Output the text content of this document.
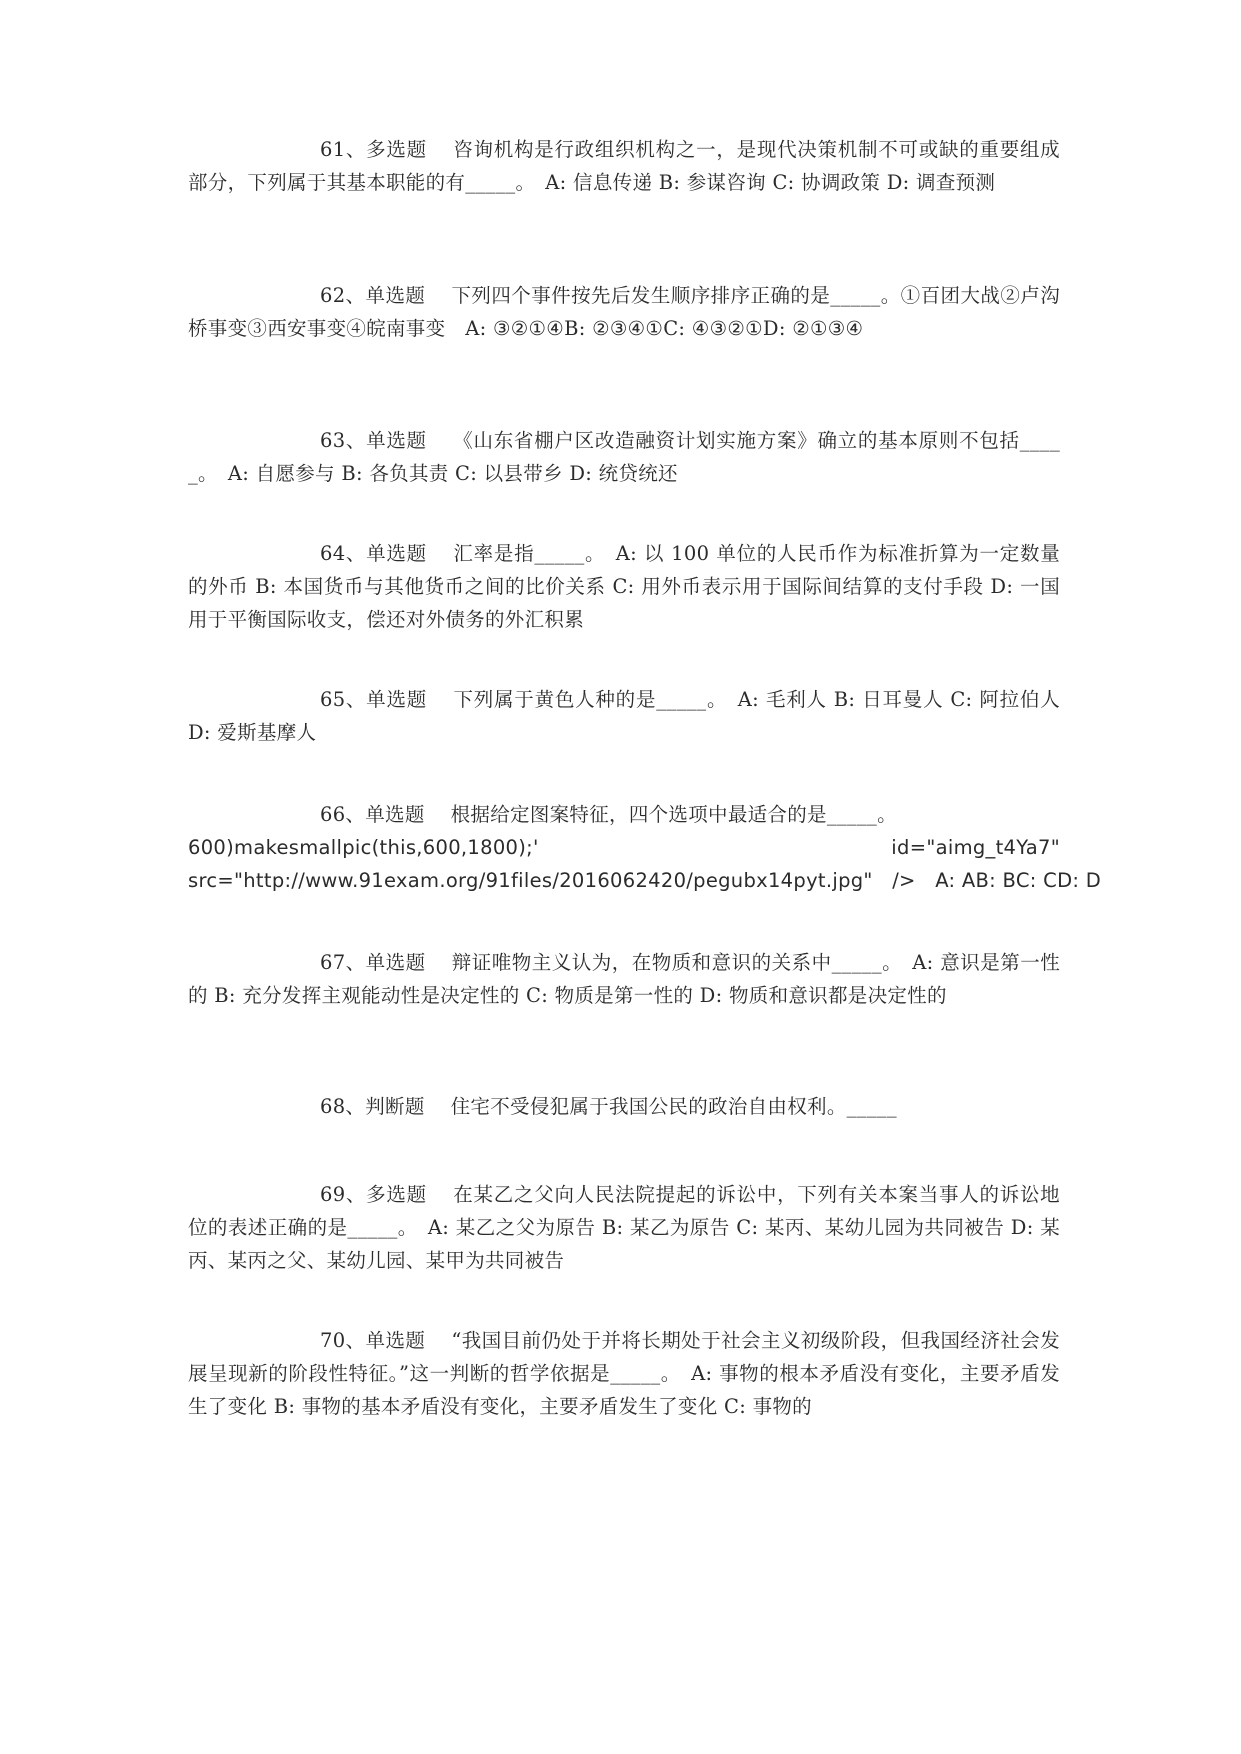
61、多选题 咨询机构是行政组织机构之一，是现代决策机制不可或缺的重要组成部分，下列属于其基本职能的有_____。　A: 信息传递 B: 参谋咨询 C: 协调政策 D: 调查预测
62、单选题 下列四个事件按先后发生顺序排序正确的是_____。①百团大战②卢沟桥事变③西安事变④皖南事变　A: ③②①④B: ②③④①C: ④③②①D: ②①③④
63、单选题 《山东省棚户区改造融资计划实施方案》确立的基本原则不包括_____。　A: 自愿参与 B: 各负其责 C: 以县带乡 D: 统贷统还
64、单选题 汇率是指_____。　A: 以 100 单位的人民币作为标准折算为一定数量的外币 B: 本国货币与其他货币之间的比价关系 C: 用外币表示用于国际间结算的支付手段 D: 一国用于平衡国际收支，偿还对外债务的外汇积累
65、单选题 下列属于黄色人种的是_____。　A: 毛利人 B: 日耳曼人 C: 阿拉伯人 D: 爱斯基摩人
66、单选题 根据给定图案特征，四个选项中最适合的是_____。
600)makesmallpic(this,600,1800);'	id="aimg_t4Ya7"
src="http://www.91exam.org/91files/2016062420/pegubx14pyt.jpg"   />   A: AB: BC: CD: D
67、单选题 辩证唯物主义认为，在物质和意识的关系中_____。　A: 意识是第一性的 B: 充分发挥主观能动性是决定性的 C: 物质是第一性的 D: 物质和意识都是决定性的
68、判断题 住宅不受侵犯属于我国公民的政治自由权利。_____
69、多选题 在某乙之父向人民法院提起的诉讼中，下列有关本案当事人的诉讼地位的表述正确的是_____。　A: 某乙之父为原告 B: 某乙为原告 C: 某丙、某幼儿园为共同被告 D: 某丙、某丙之父、某幼儿园、某甲为共同被告
70、单选题 “我国目前仍处于并将长期处于社会主义初级阶段，但我国经济社会发展呈现新的阶段性特征。”这一判断的哲学依据是_____。　A: 事物的根本矛盾没有变化，主要矛盾发生了变化 B: 事物的基本矛盾没有变化，主要矛盾发生了变化 C: 事物的
